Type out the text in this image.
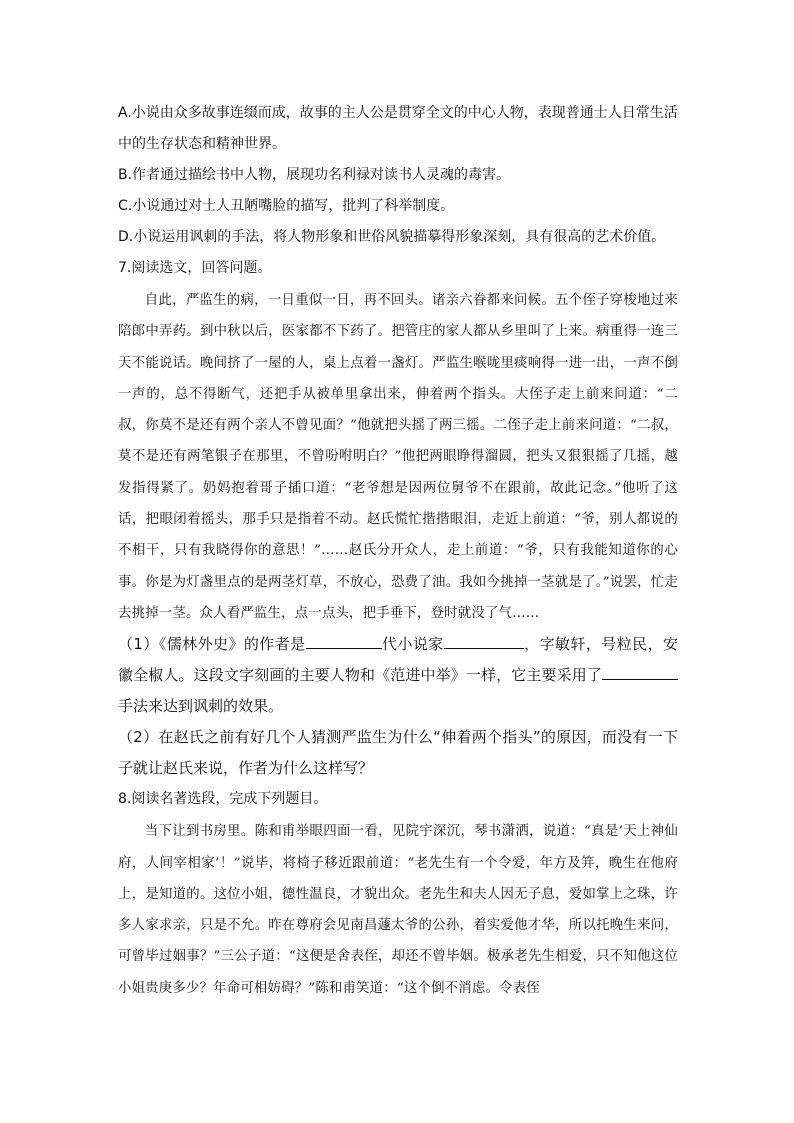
A.小说由众多故事连缀而成，故事的主人公是贯穿全文的中心人物，表现普通士人日常生活中的生存状态和精神世界。

B.作者通过描绘书中人物，展现功名利禄对读书人灵魂的毒害。

C.小说通过对士人丑陋嘴脸的描写，批判了科举制度。

D.小说运用讽刺的手法，将人物形象和世俗风貌描摹得形象深刻，具有很高的艺术价值。

7.阅读选文，回答问题。

自此，严监生的病，一日重似一日，再不回头。诸亲六眷都来问候。五个侄子穿梭地过来陪郎中弄药。到中秋以后，医家都不下药了。把管庄的家人都从乡里叫了上来。病重得一连三天不能说话。晚间挤了一屋的人，桌上点着一盏灯。严监生喉咙里痰响得一进一出，一声不倒一声的，总不得断气，还把手从被单里拿出来，伸着两个指头。大侄子走上前来问道：“二叔，你莫不是还有两个亲人不曾见面？”他就把头摇了两三摇。二侄子走上前来问道：“二叔，莫不是还有两笔银子在那里，不曾吩咐明白？”他把两眼睁得溜圆，把头又狠狠摇了几摇，越发指得紧了。奶妈抱着哥子插口道：“老爷想是因两位舅爷不在跟前，故此记念。”他听了这话，把眼闭着摇头，那手只是指着不动。赵氏慌忙揩揩眼泪，走近上前道：“爷，别人都说的不相干，只有我晓得你的意思！”……赵氏分开众人，走上前道：“爷，只有我能知道你的心事。你是为灯盏里点的是两茎灯草，不放心，恐费了油。我如今挑掉一茎就是了。”说罢，忙走去挑掉一茎。众人看严监生，点一点头，把手垂下，登时就没了气……

（1）《儒林外史》的作者是	代小说家	，字敏轩，号粒民，安徽全椒人。这段文字刻画的主要人物和《范进中举》一样，它主要采用了手法来达到讽刺的效果。

（2）在赵氏之前有好几个人猜测严监生为什么“伸着两个指头”的原因，而没有一下子就让赵氏来说，作者为什么这样写？

8.阅读名著选段，完成下列题目。

当下让到书房里。陈和甫举眼四面一看，见院宇深沉，琴书潇洒，说道：“真是‘天上神仙府，人间宰相家’！”说毕，将椅子移近跟前道：“老先生有一个令爱，年方及笄，晚生在他府上，是知道的。这位小姐，德性温良，才貌出众。老先生和夫人因无子息，爱如掌上之珠，许多人家求亲，只是不允。昨在尊府会见南昌蘧太爷的公孙，着实爱他才华，所以托晚生来问，可曾毕过姻事？”三公子道：“这便是舍表侄，却还不曾毕姻。极承老先生相爱，只不知他这位小姐贵庚多少？年命可相妨碍？”陈和甫笑道：“这个倒不消虑。令表侄
